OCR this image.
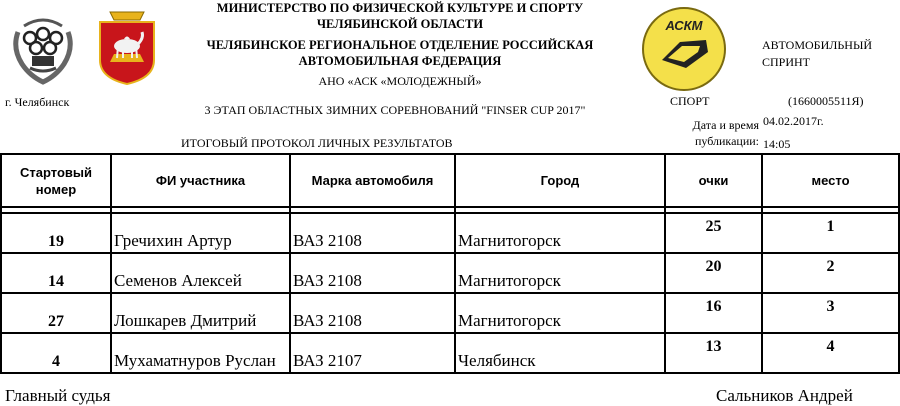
АСКМ
МИНИСТЕРСТВО ПО ФИЗИЧЕСКОЙ КУЛЬТУРЕ И СПОРТУ
ЧЕЛЯБИНСКОЙ ОБЛАСТИ
ЧЕЛЯБИНСКОЕ РЕГИОНАЛЬНОЕ ОТДЕЛЕНИЕ РОССИЙСКАЯ
АВТОМОБИЛЬНАЯ ФЕДЕРАЦИЯ
АНО «АСК «МОЛОДЕЖНЫЙ»
г. Челябинск
3 ЭТАП ОБЛАСТНЫХ ЗИМНИХ СОРЕВНОВАНИЙ "FINSER CUP 2017"
ИТОГОВЫЙ ПРОТОКОЛ ЛИЧНЫХ РЕЗУЛЬТАТОВ
АВТОМОБИЛЬНЫЙ
СПРИНТ
СПОРТ	(1660005511Я)
Дата и время
публикации:
04.02.2017г.
14:05
Стартовый номер	ФИ участника	Марка автомобиля	Город	очки	место

19	Гречихин Артур	ВАЗ 2108	Магнитогорск	25	1
14	Семенов Алексей	ВАЗ 2108	Магнитогорск	20	2
27	Лошкарев Дмитрий	ВАЗ 2108	Магнитогорск	16	3
4	Мухаматнуров Руслан	ВАЗ 2107	Челябинск	13	4
Главный судья	Сальников Андрей
